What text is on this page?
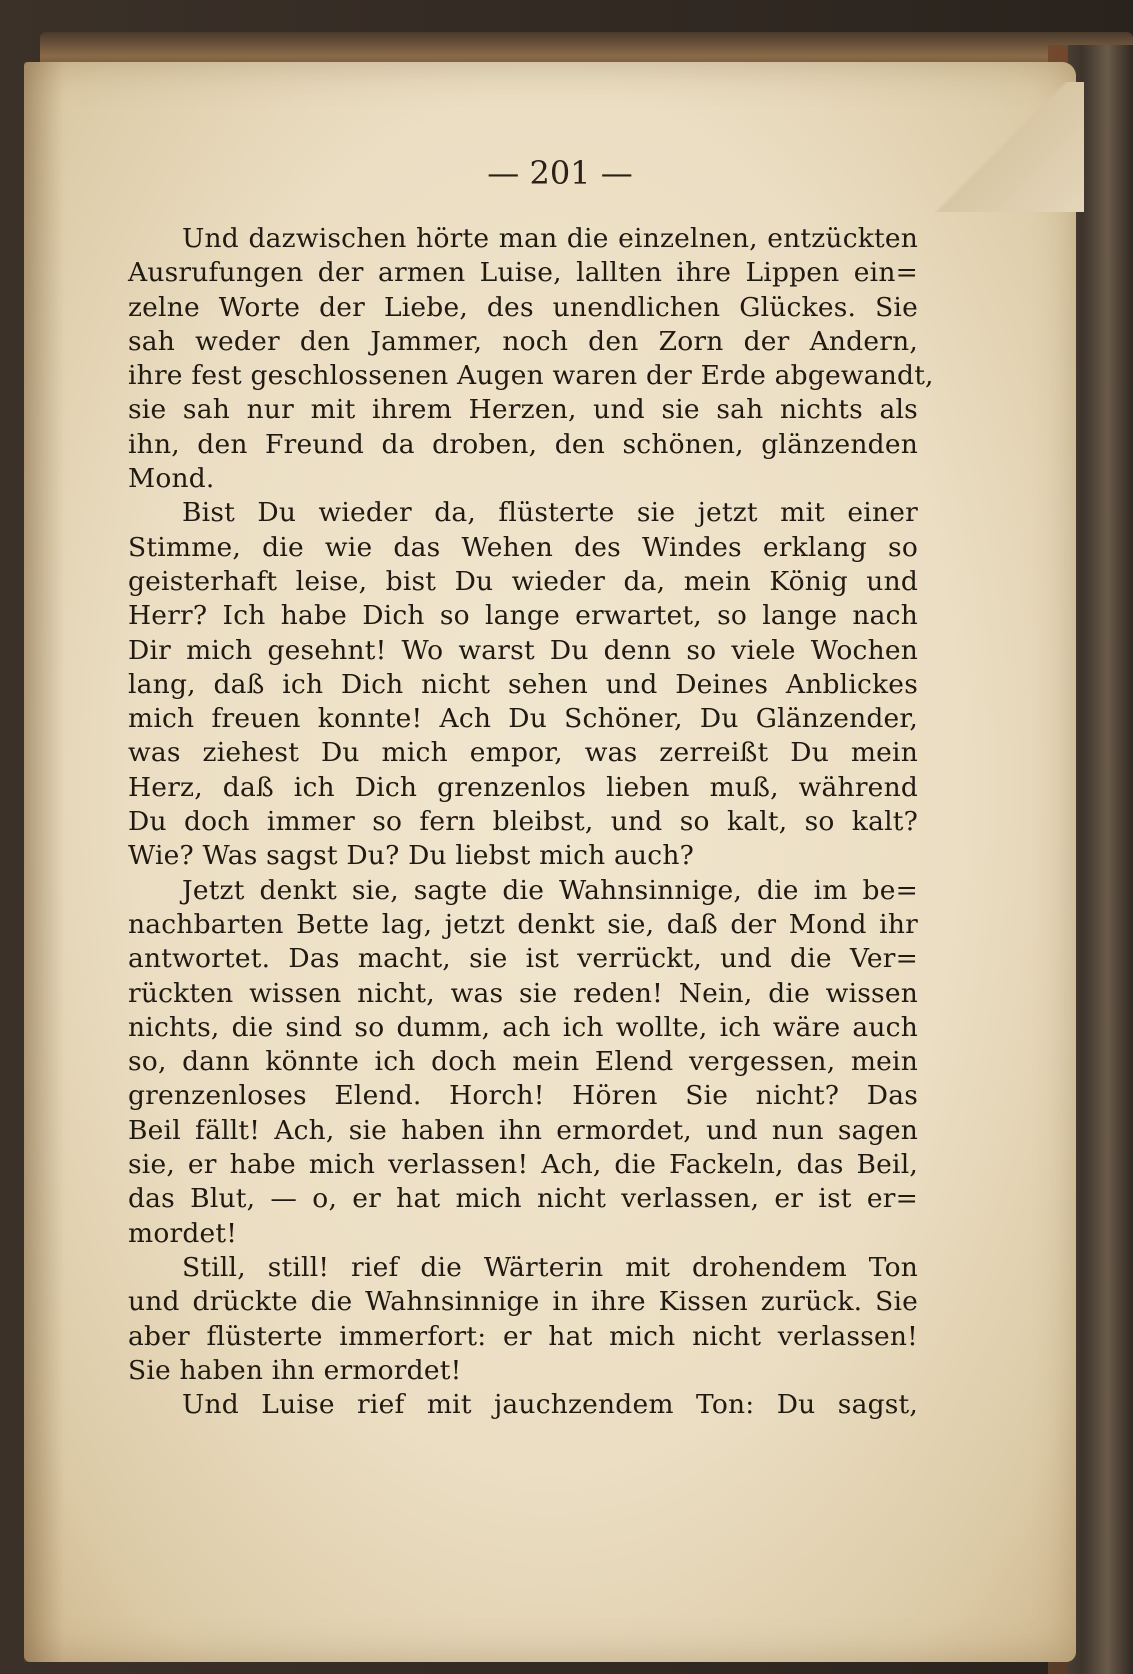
— 201 —
Und dazwischen hörte man die einzelnen, entzückten
Ausrufungen der armen Luise, lallten ihre Lippen ein=
zelne Worte der Liebe, des unendlichen Glückes. Sie
sah weder den Jammer, noch den Zorn der Andern,
ihre fest geschlossenen Augen waren der Erde abgewandt,
sie sah nur mit ihrem Herzen, und sie sah nichts als
ihn, den Freund da droben, den schönen, glänzenden
Mond.
Bist Du wieder da, flüsterte sie jetzt mit einer
Stimme, die wie das Wehen des Windes erklang so
geisterhaft leise, bist Du wieder da, mein König und
Herr? Ich habe Dich so lange erwartet, so lange nach
Dir mich gesehnt! Wo warst Du denn so viele Wochen
lang, daß ich Dich nicht sehen und Deines Anblickes
mich freuen konnte! Ach Du Schöner, Du Glänzender,
was ziehest Du mich empor, was zerreißt Du mein
Herz, daß ich Dich grenzenlos lieben muß, während
Du doch immer so fern bleibst, und so kalt, so kalt?
Wie? Was sagst Du? Du liebst mich auch?
Jetzt denkt sie, sagte die Wahnsinnige, die im be=
nachbarten Bette lag, jetzt denkt sie, daß der Mond ihr
antwortet. Das macht, sie ist verrückt, und die Ver=
rückten wissen nicht, was sie reden! Nein, die wissen
nichts, die sind so dumm, ach ich wollte, ich wäre auch
so, dann könnte ich doch mein Elend vergessen, mein
grenzenloses Elend. Horch! Hören Sie nicht? Das
Beil fällt! Ach, sie haben ihn ermordet, und nun sagen
sie, er habe mich verlassen! Ach, die Fackeln, das Beil,
das Blut, — o, er hat mich nicht verlassen, er ist er=
mordet!
Still, still! rief die Wärterin mit drohendem Ton
und drückte die Wahnsinnige in ihre Kissen zurück. Sie
aber flüsterte immerfort: er hat mich nicht verlassen!
Sie haben ihn ermordet!
Und Luise rief mit jauchzendem Ton: Du sagst,
